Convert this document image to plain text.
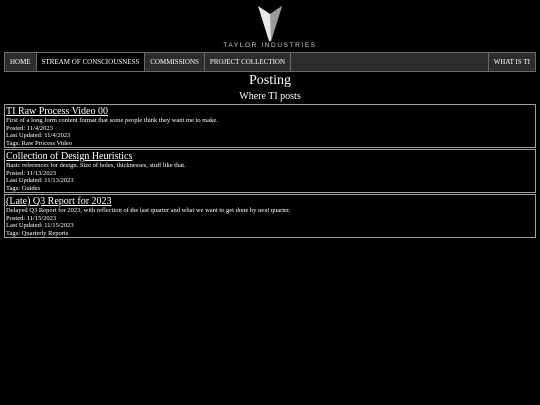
TAYLOR INDUSTRIES
HOME	STREAM OF CONSCIOUSNESS	COMMISSIONS	PROJECT COLLECTION	WHAT IS TI
Posting
Where TI posts
TI Raw Process Video 00
First of a long form content format that some people think they want me to make.
Posted: 11/4/2023
Last Updated: 11/4/2023
Tags: Raw Process Video
Collection of Design Heuristics
Basic references for design. Size of holes, thicknesses, stuff like that.
Posted: 11/13/2023
Last Updated: 11/13/2023
Tags: Guides
(Late) Q3 Report for 2023
Delayed Q3 Report for 2023, with reflection of the last quarter and what we want to get done by next quarter.
Posted: 11/15/2023
Last Updated: 11/15/2023
Tags: Quarterly Reports
